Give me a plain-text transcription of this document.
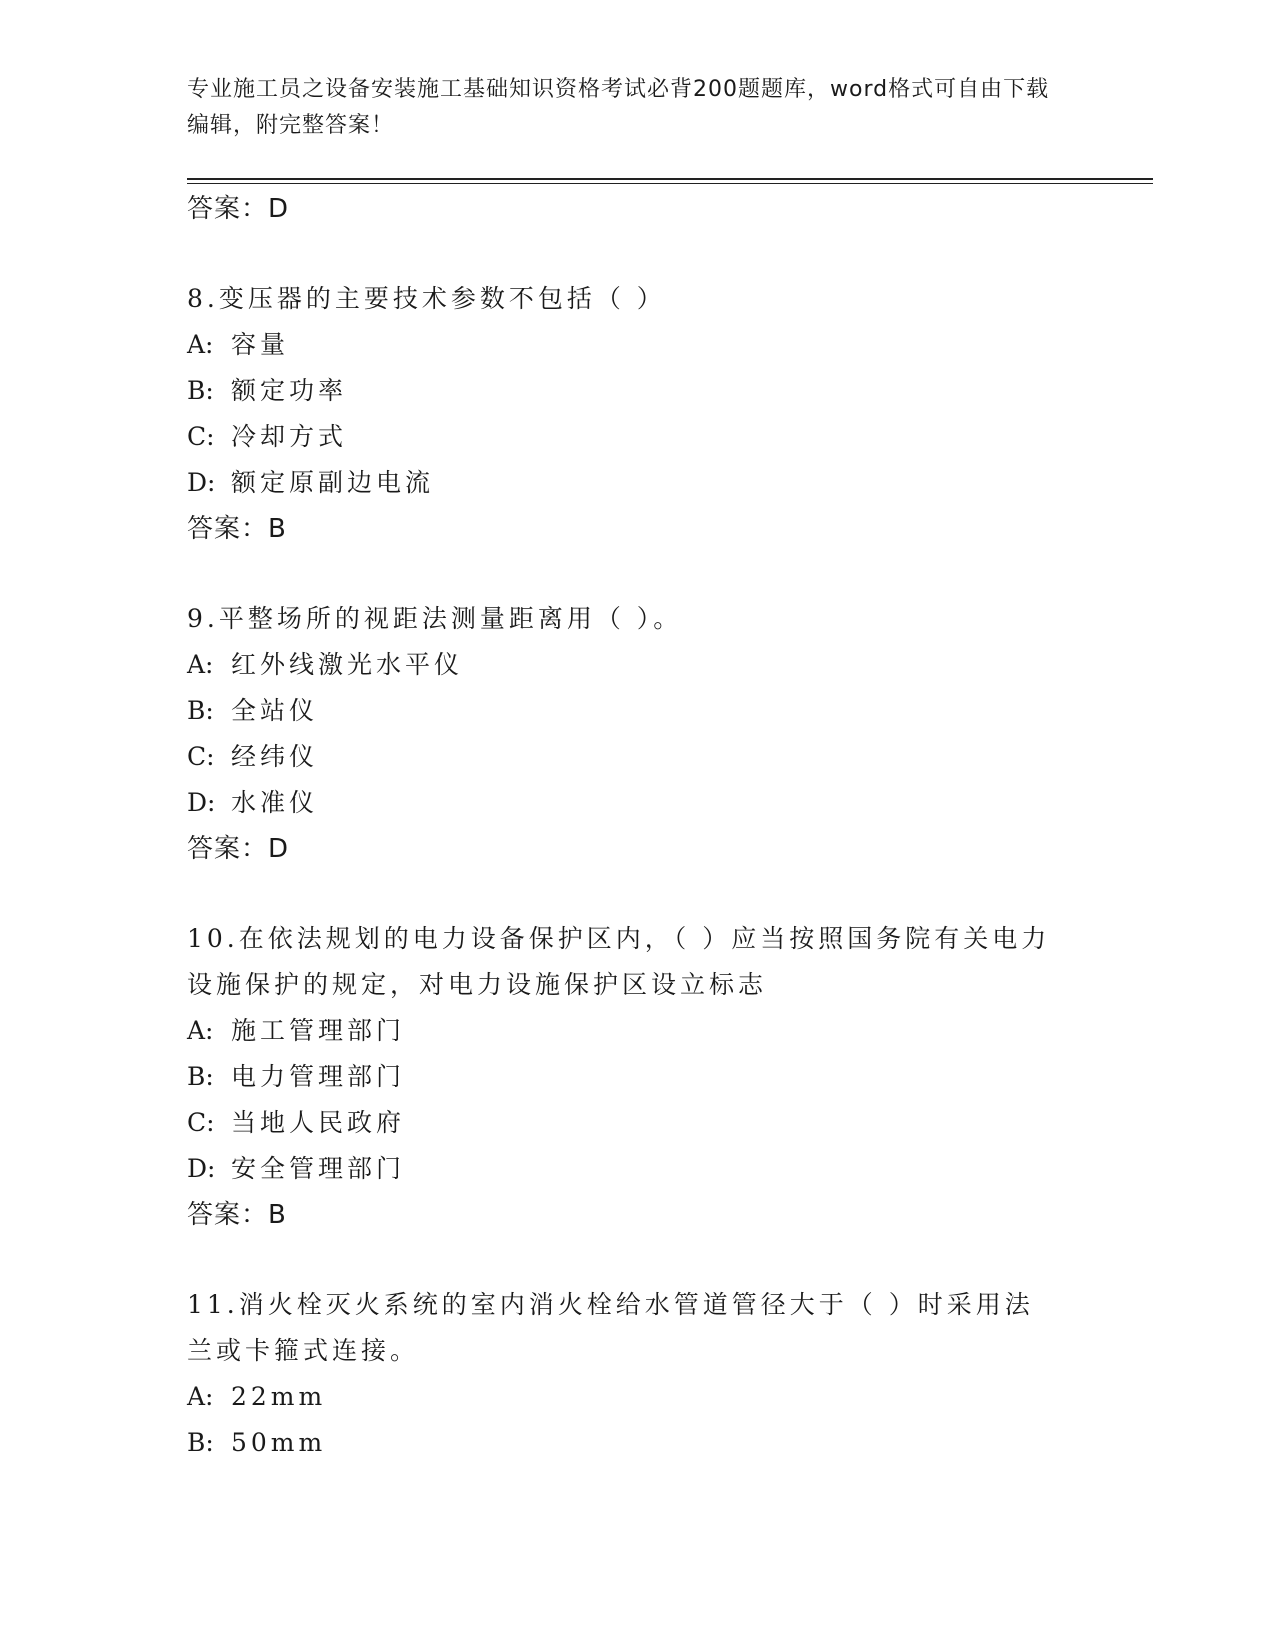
专业施工员之设备安装施工基础知识资格考试必背200题题库，word格式可自由下载编辑，附完整答案！
答案：D
8.变压器的主要技术参数不包括（ ）
A: 容量
B: 额定功率
C: 冷却方式
D: 额定原副边电流
答案：B
9.平整场所的视距法测量距离用（ ）。
A: 红外线激光水平仪
B: 全站仪
C: 经纬仪
D: 水准仪
答案：D
10.在依法规划的电力设备保护区内，（ ）应当按照国务院有关电力设施保护的规定，对电力设施保护区设立标志
A: 施工管理部门
B: 电力管理部门
C: 当地人民政府
D: 安全管理部门
答案：B
11.消火栓灭火系统的室内消火栓给水管道管径大于（ ）时采用法兰或卡箍式连接。
A: 22mm
B: 50mm
